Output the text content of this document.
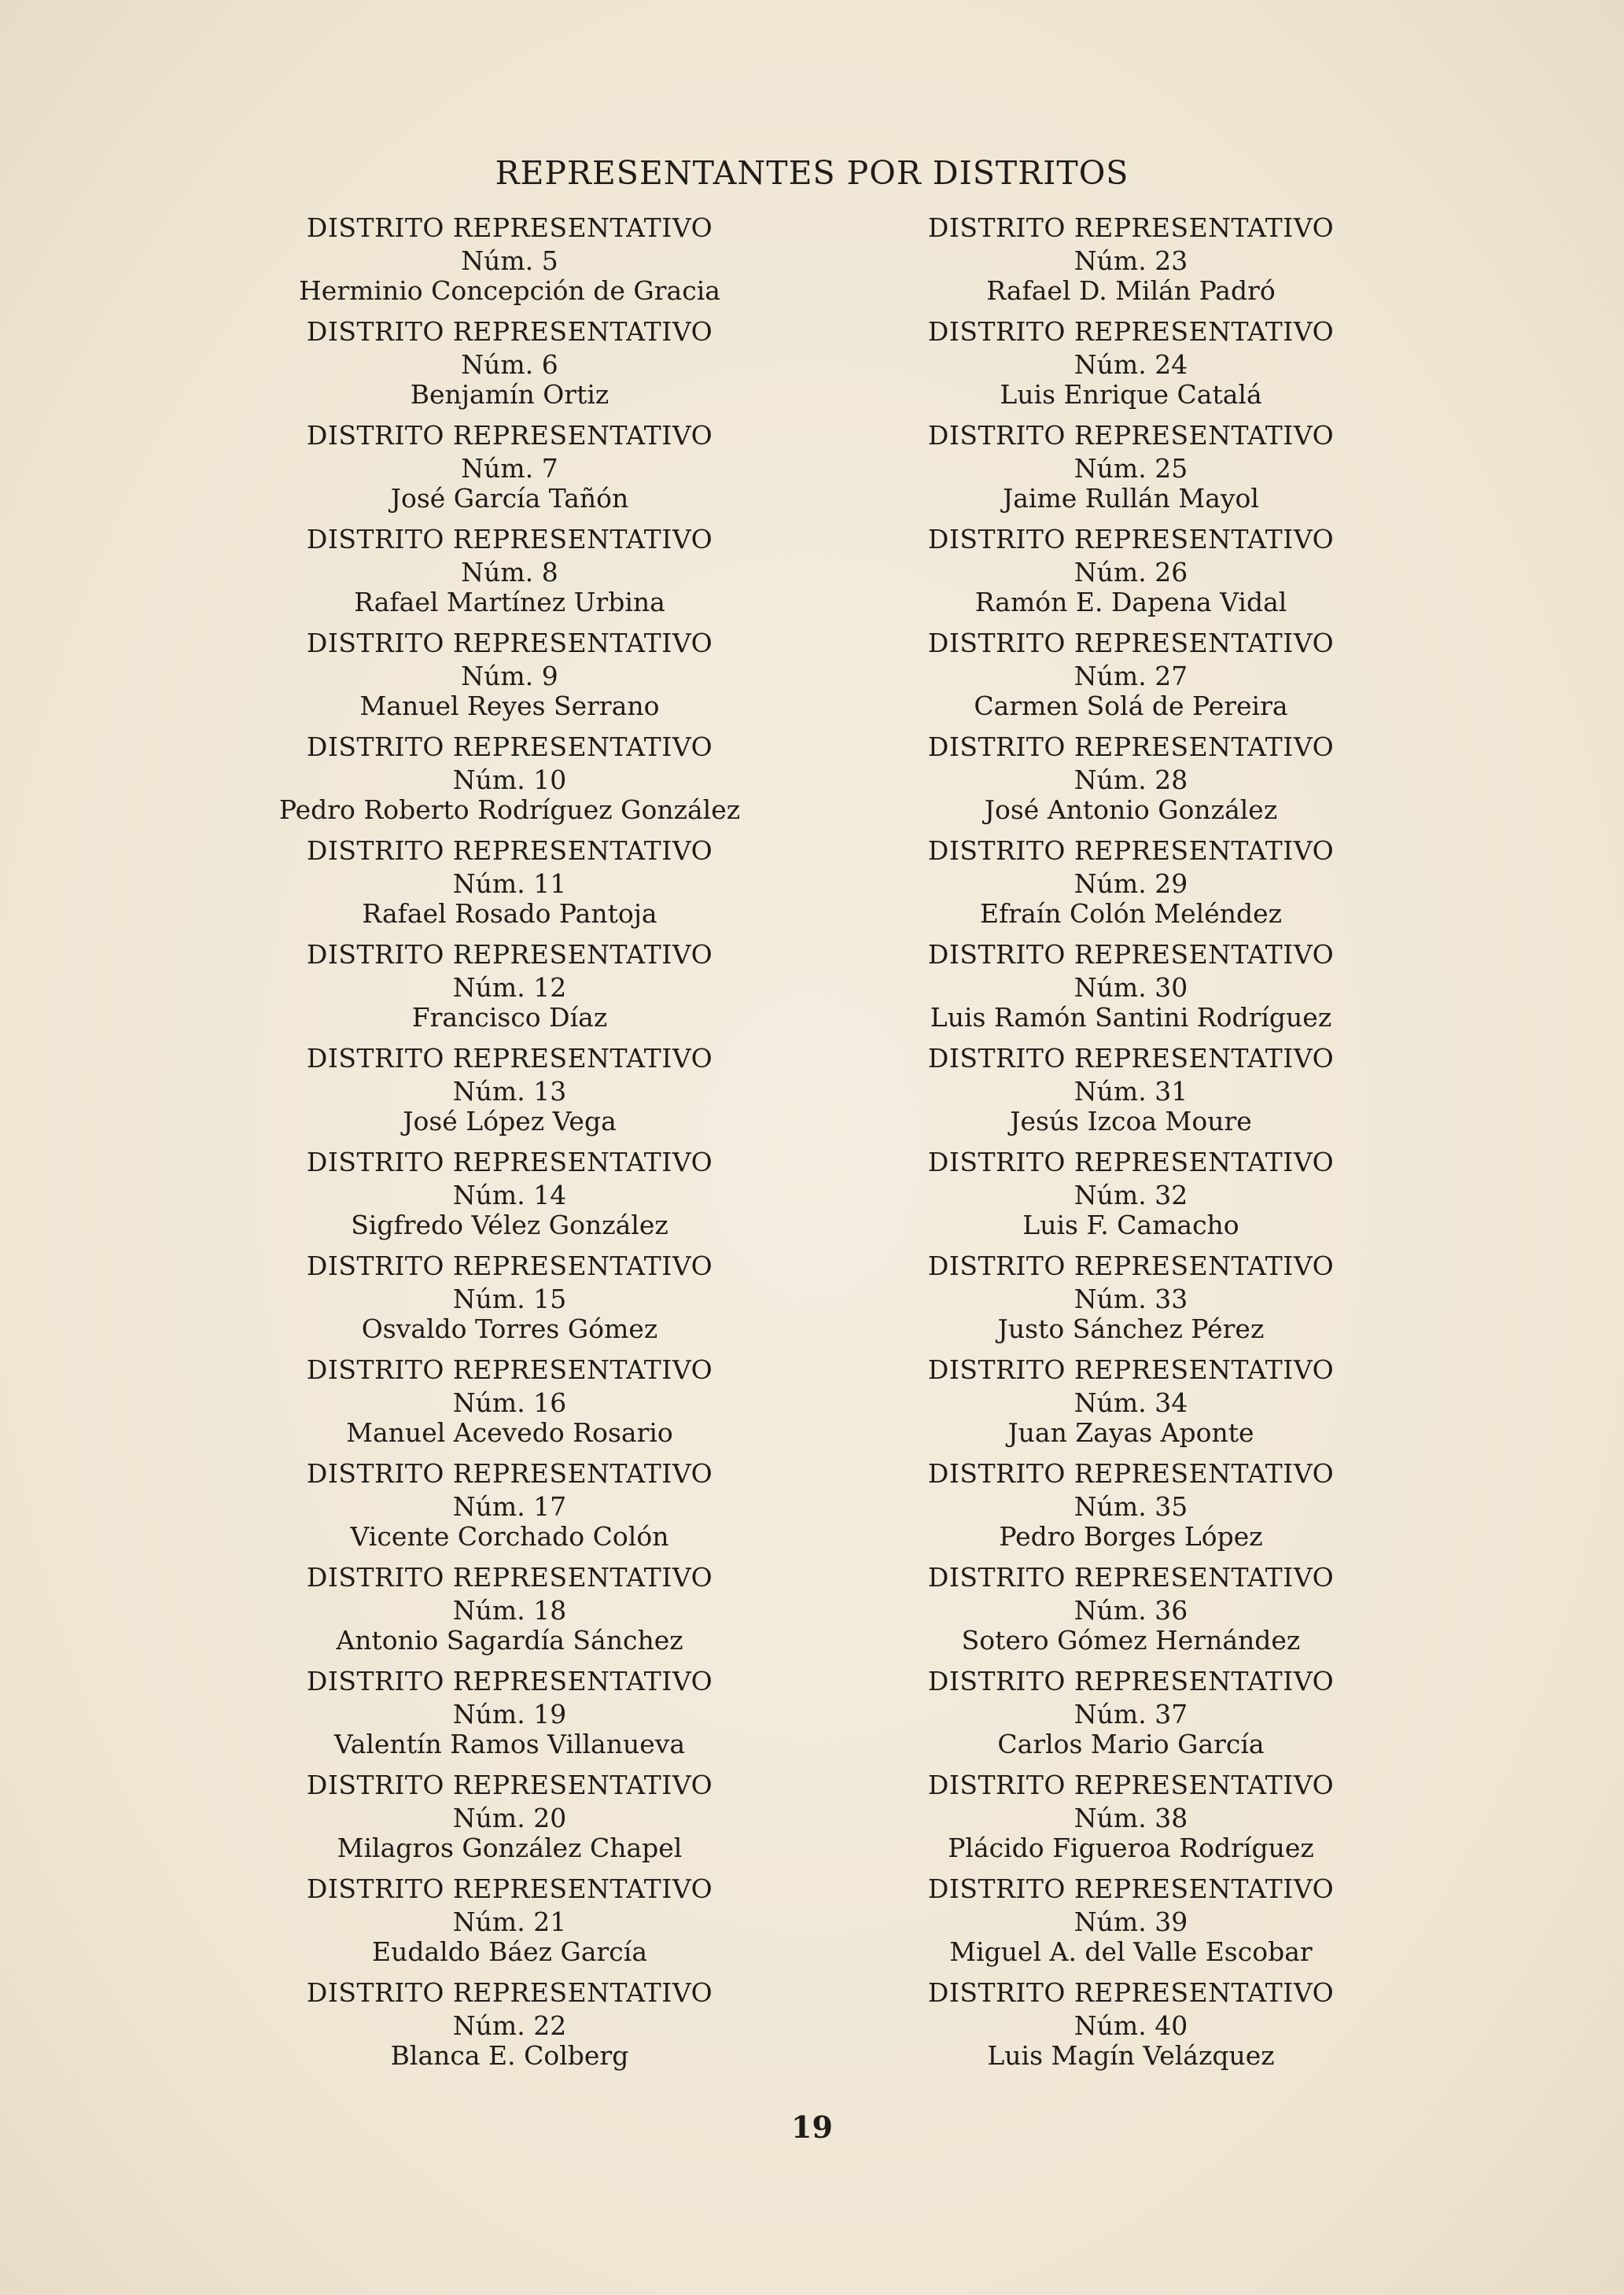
REPRESENTANTES POR DISTRITOS
DISTRITO REPRESENTATIVO
Núm. 5
Herminio Concepción de Gracia
DISTRITO REPRESENTATIVO
Núm. 6
Benjamín Ortiz
DISTRITO REPRESENTATIVO
Núm. 7
José García Tañón
DISTRITO REPRESENTATIVO
Núm. 8
Rafael Martínez Urbina
DISTRITO REPRESENTATIVO
Núm. 9
Manuel Reyes Serrano
DISTRITO REPRESENTATIVO
Núm. 10
Pedro Roberto Rodríguez González
DISTRITO REPRESENTATIVO
Núm. 11
Rafael Rosado Pantoja
DISTRITO REPRESENTATIVO
Núm. 12
Francisco Díaz
DISTRITO REPRESENTATIVO
Núm. 13
José López Vega
DISTRITO REPRESENTATIVO
Núm. 14
Sigfredo Vélez González
DISTRITO REPRESENTATIVO
Núm. 15
Osvaldo Torres Gómez
DISTRITO REPRESENTATIVO
Núm. 16
Manuel Acevedo Rosario
DISTRITO REPRESENTATIVO
Núm. 17
Vicente Corchado Colón
DISTRITO REPRESENTATIVO
Núm. 18
Antonio Sagardía Sánchez
DISTRITO REPRESENTATIVO
Núm. 19
Valentín Ramos Villanueva
DISTRITO REPRESENTATIVO
Núm. 20
Milagros González Chapel
DISTRITO REPRESENTATIVO
Núm. 21
Eudaldo Báez García
DISTRITO REPRESENTATIVO
Núm. 22
Blanca E. Colberg
DISTRITO REPRESENTATIVO
Núm. 23
Rafael D. Milán Padró
DISTRITO REPRESENTATIVO
Núm. 24
Luis Enrique Catalá
DISTRITO REPRESENTATIVO
Núm. 25
Jaime Rullán Mayol
DISTRITO REPRESENTATIVO
Núm. 26
Ramón E. Dapena Vidal
DISTRITO REPRESENTATIVO
Núm. 27
Carmen Solá de Pereira
DISTRITO REPRESENTATIVO
Núm. 28
José Antonio González
DISTRITO REPRESENTATIVO
Núm. 29
Efraín Colón Meléndez
DISTRITO REPRESENTATIVO
Núm. 30
Luis Ramón Santini Rodríguez
DISTRITO REPRESENTATIVO
Núm. 31
Jesús Izcoa Moure
DISTRITO REPRESENTATIVO
Núm. 32
Luis F. Camacho
DISTRITO REPRESENTATIVO
Núm. 33
Justo Sánchez Pérez
DISTRITO REPRESENTATIVO
Núm. 34
Juan Zayas Aponte
DISTRITO REPRESENTATIVO
Núm. 35
Pedro Borges López
DISTRITO REPRESENTATIVO
Núm. 36
Sotero Gómez Hernández
DISTRITO REPRESENTATIVO
Núm. 37
Carlos Mario García
DISTRITO REPRESENTATIVO
Núm. 38
Plácido Figueroa Rodríguez
DISTRITO REPRESENTATIVO
Núm. 39
Miguel A. del Valle Escobar
DISTRITO REPRESENTATIVO
Núm. 40
Luis Magín Velázquez
19
